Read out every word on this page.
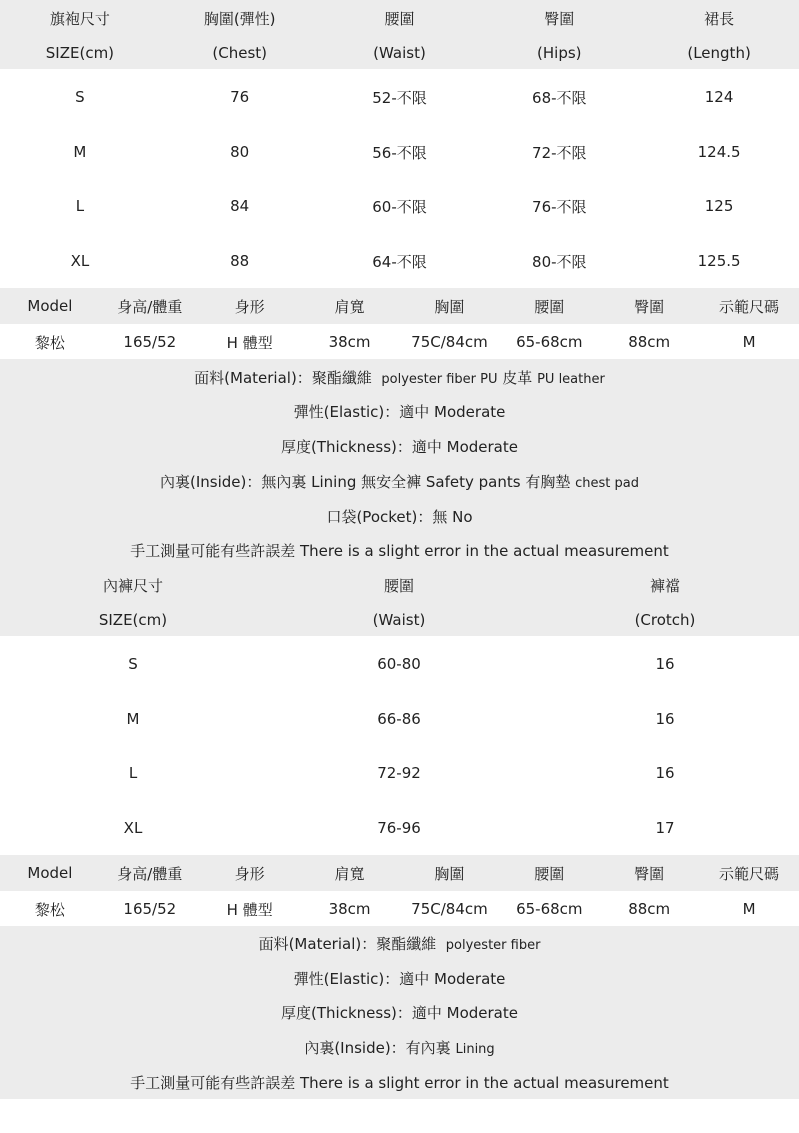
旗袍尺寸	胸圍(彈性)	腰圍	臀圍	裙長
SIZE(cm)	(Chest)	(Waist)	(Hips)	(Length)
S	76	52-不限	68-不限	124
M	80	56-不限	72-不限	124.5
L	84	60-不限	76-不限	125
XL	88	64-不限	80-不限	125.5
Model	身高/體重	身形	肩寬	胸圍	腰圍	臀圍	示範尺碼
黎松	165/52	H 體型	38cm	75C/84cm	65-68cm	88cm	M
面料(Material)：聚酯纖維 polyester fiber PU 皮革 PU leather
彈性(Elastic)：適中 Moderate
厚度(Thickness)：適中 Moderate
內裏(Inside)：無內裏 Lining 無安全褲 Safety pants 有胸墊 chest pad
口袋(Pocket)：無 No
手工測量可能有些許誤差 There is a slight error in the actual measurement
內褲尺寸	腰圍	褲襠
SIZE(cm)	(Waist)	(Crotch)
S	60-80	16
M	66-86	16
L	72-92	16
XL	76-96	17
Model	身高/體重	身形	肩寬	胸圍	腰圍	臀圍	示範尺碼
黎松	165/52	H 體型	38cm	75C/84cm	65-68cm	88cm	M
面料(Material)：聚酯纖維 polyester fiber
彈性(Elastic)：適中 Moderate
厚度(Thickness)：適中 Moderate
內裏(Inside)：有內裏 Lining
手工測量可能有些許誤差 There is a slight error in the actual measurement
